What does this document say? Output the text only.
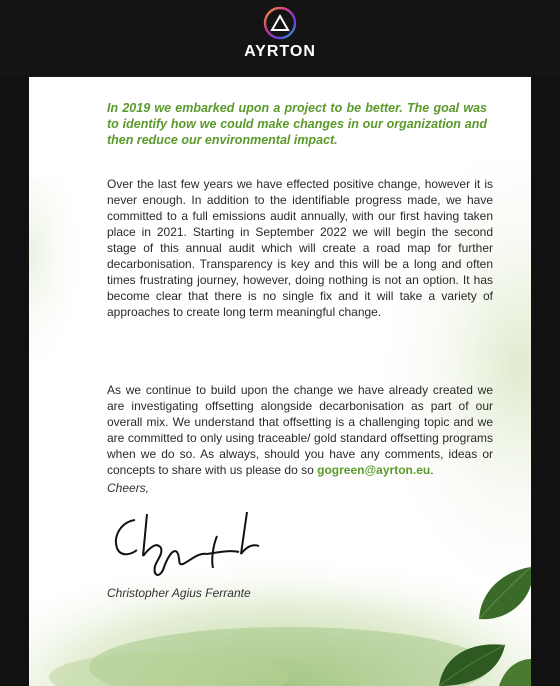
AYRTON
In 2019 we embarked upon a project to be better. The goal was to identify how we could make changes in our organization and then reduce our environmental impact.
Over the last few years we have effected positive change, however it is never enough. In addition to the identifiable progress made, we have committed to a full emissions audit annually, with our first having taken place in 2021. Starting in September 2022 we will begin the second stage of this annual audit which will create a road map for further decarbonisation. Transparency is key and this will be a long and often times frustrating journey, however, doing nothing is not an option. It has become clear that there is no single fix and it will take a variety of approaches to create long term meaningful change.
As we continue to build upon the change we have already created we are investigating offsetting alongside decarbonisation as part of our overall mix. We understand that offsetting is a challenging topic and we are committed to only using traceable/ gold standard offsetting programs when we do so. As always, should you have any comments, ideas or concepts to share with us please do so gogreen@ayrton.eu.
Cheers,
Christopher Agius Ferrante
